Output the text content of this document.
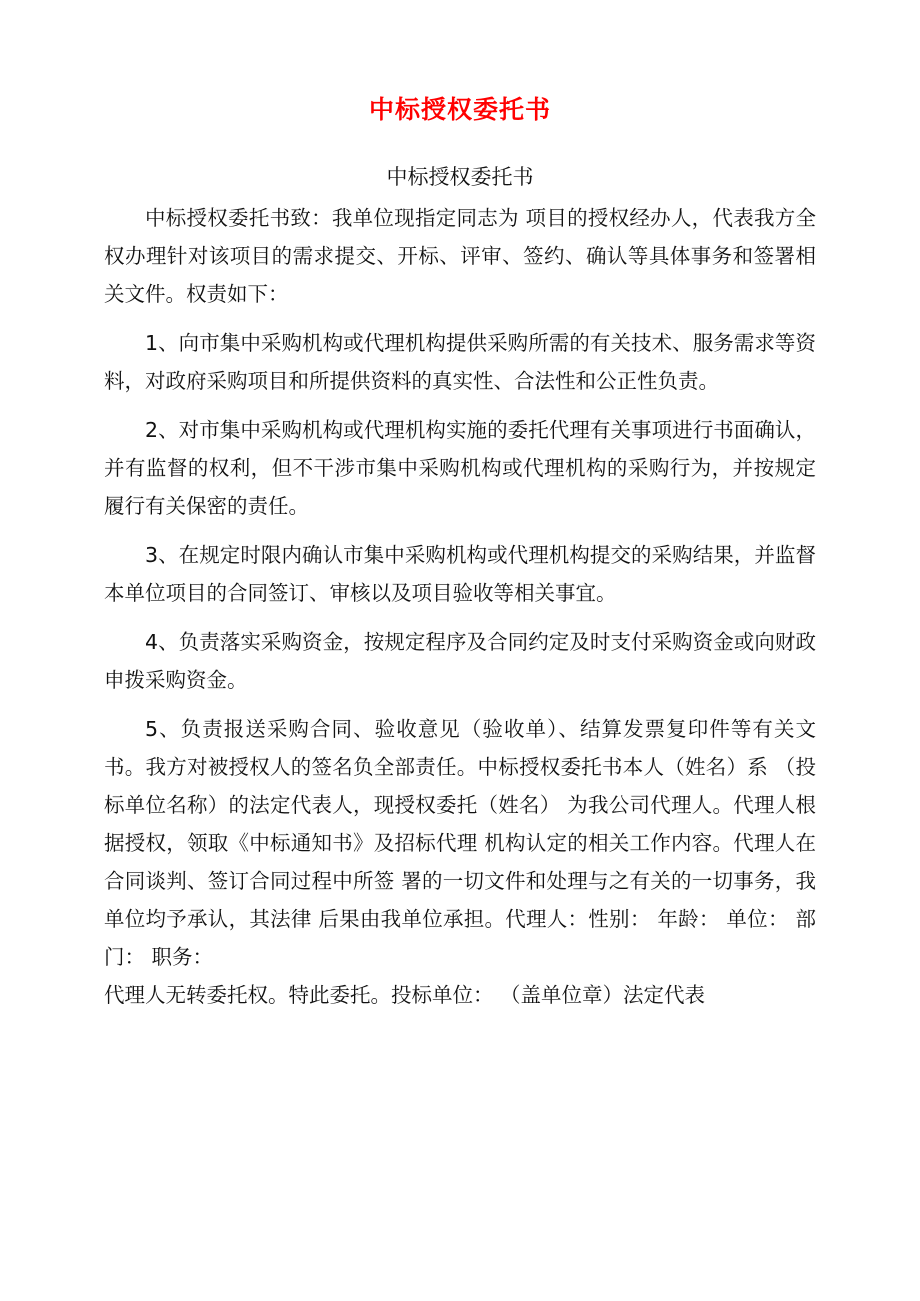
中标授权委托书
中标授权委托书

中标授权委托书致：我单位现指定同志为 项目的授权经办人，代表我方全权办理针对该项目的需求提交、开标、评审、签约、确认等具体事务和签署相关文件。权责如下：

1、向市集中采购机构或代理机构提供采购所需的有关技术、服务需求等资料，对政府采购项目和所提供资料的真实性、合法性和公正性负责。

2、对市集中采购机构或代理机构实施的委托代理有关事项进行书面确认，并有监督的权利，但不干涉市集中采购机构或代理机构的采购行为，并按规定履行有关保密的责任。

3、在规定时限内确认市集中采购机构或代理机构提交的采购结果，并监督本单位项目的合同签订、审核以及项目验收等相关事宜。

4、负责落实采购资金，按规定程序及合同约定及时支付采购资金或向财政申拨采购资金。

5、负责报送采购合同、验收意见（验收单）、结算发票复印件等有关文书。我方对被授权人的签名负全部责任。中标授权委托书本人（姓名）系 （投标单位名称）的法定代表人，现授权委托（姓名） 为我公司代理人。代理人根据授权，领取《中标通知书》及招标代理 机构认定的相关工作内容。代理人在合同谈判、签订合同过程中所签 署的一切文件和处理与之有关的一切事务，我单位均予承认，其法律 后果由我单位承担。代理人：性别： 年龄： 单位： 部门： 职务：

代理人无转委托权。特此委托。投标单位： （盖单位章）法定代表
